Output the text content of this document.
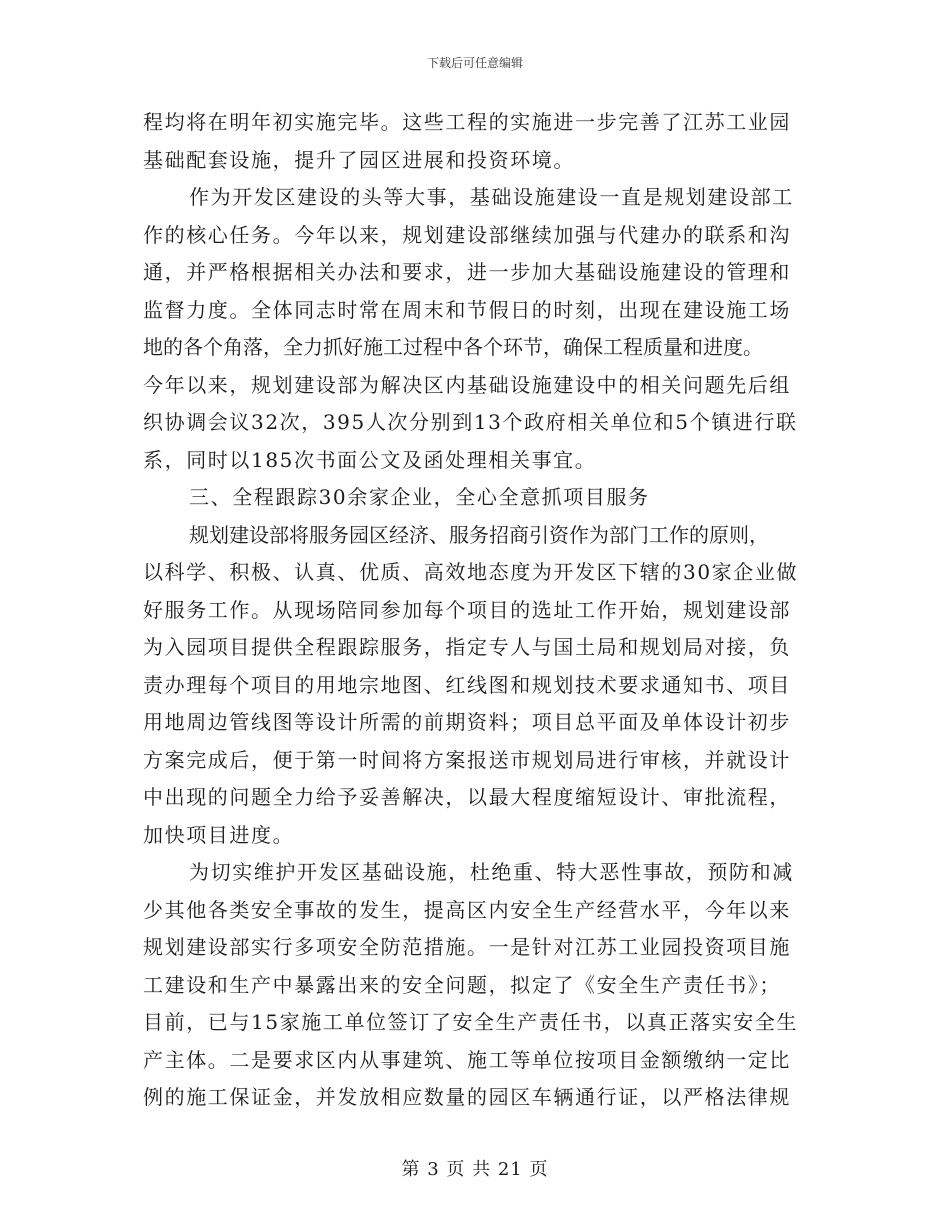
下载后可任意编辑

程均将在明年初实施完毕。这些工程的实施进一步完善了江苏工业园
基础配套设施，提升了园区进展和投资环境。

作为开发区建设的头等大事，基础设施建设一直是规划建设部工
作的核心任务。今年以来，规划建设部继续加强与代建办的联系和沟
通，并严格根据相关办法和要求，进一步加大基础设施建设的管理和
监督力度。全体同志时常在周末和节假日的时刻，出现在建设施工场
地的各个角落，全力抓好施工过程中各个环节，确保工程质量和进度。
今年以来，规划建设部为解决区内基础设施建设中的相关问题先后组
织协调会议32次，395人次分别到13个政府相关单位和5个镇进行联
系，同时以185次书面公文及函处理相关事宜。

三、全程跟踪30余家企业，全心全意抓项目服务

规划建设部将服务园区经济、服务招商引资作为部门工作的原则，
以科学、积极、认真、优质、高效地态度为开发区下辖的30家企业做
好服务工作。从现场陪同参加每个项目的选址工作开始，规划建设部
为入园项目提供全程跟踪服务，指定专人与国土局和规划局对接，负
责办理每个项目的用地宗地图、红线图和规划技术要求通知书、项目
用地周边管线图等设计所需的前期资料；项目总平面及单体设计初步
方案完成后，便于第一时间将方案报送市规划局进行审核，并就设计
中出现的问题全力给予妥善解决，以最大程度缩短设计、审批流程，
加快项目进度。

为切实维护开发区基础设施，杜绝重、特大恶性事故，预防和减
少其他各类安全事故的发生，提高区内安全生产经营水平，今年以来
规划建设部实行多项安全防范措施。一是针对江苏工业园投资项目施
工建设和生产中暴露出来的安全问题，拟定了《安全生产责任书》；
目前，已与15家施工单位签订了安全生产责任书，以真正落实安全生
产主体。二是要求区内从事建筑、施工等单位按项目金额缴纳一定比
例的施工保证金，并发放相应数量的园区车辆通行证，以严格法律规

第 3 页 共 21 页
